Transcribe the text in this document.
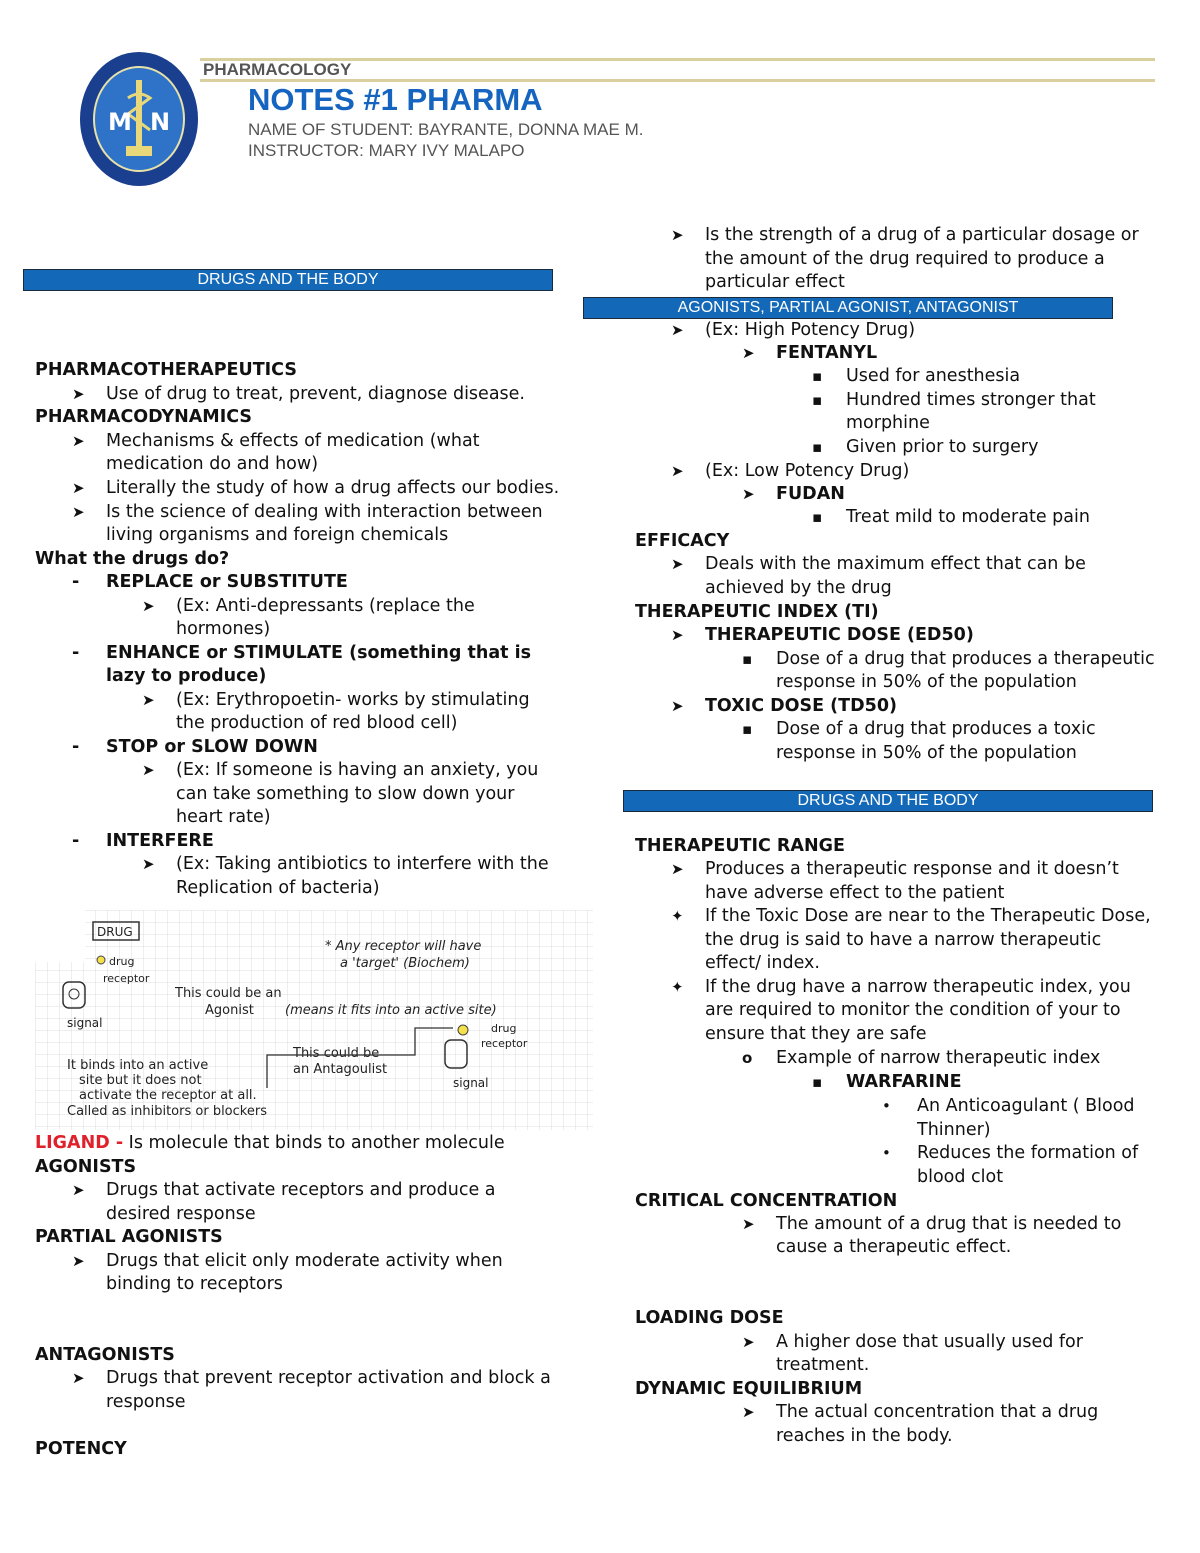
M N
PHARMACOLOGY
NOTES #1 PHARMA
NAME OF STUDENT: BAYRANTE, DONNA MAE M.
INSTRUCTOR: MARY IVY MALAPO
DRUGS AND THE BODY
AGONISTS, PARTIAL AGONIST, ANTAGONIST
DRUGS AND THE BODY
PHARMACOTHERAPEUTICS
➤ Use of drug to treat, prevent, diagnose disease.
PHARMACODYNAMICS
➤ Mechanisms & effects of medication (what
medication do and how)
➤ Literally the study of how a drug affects our bodies.
➤ Is the science of dealing with interaction between
living organisms and foreign chemicals
What the drugs do?
- REPLACE or SUBSTITUTE
➤ (Ex: Anti-depressants (replace the
hormones)
- ENHANCE or STIMULATE (something that is
lazy to produce)
➤ (Ex: Erythropoetin- works by stimulating
the production of red blood cell)
- STOP or SLOW DOWN
➤ (Ex: If someone is having an anxiety, you
can take something to slow down your
heart rate)
- INTERFERE
➤ (Ex: Taking antibiotics to interfere with the
Replication of bacteria)
DRUG
* Any receptor will have
a 'target' (Biochem)
drug
receptor
signal
This could be an
Agonist (means it fits into an active site)
This could be
an Antagoulist
drug
receptor
signal
It binds into an active
site but it does not
activate the receptor at all.
Called as inhibitors or blockers
LIGAND - Is molecule that binds to another molecule
AGONISTS
➤ Drugs that activate receptors and produce a
desired response
PARTIAL AGONISTS
➤ Drugs that elicit only moderate activity when
binding to receptors
ANTAGONISTS
➤ Drugs that prevent receptor activation and block a
response
POTENCY
➤ Is the strength of a drug of a particular dosage or
the amount of the drug required to produce a
particular effect
➤ (Ex: High Potency Drug)
➤ FENTANYL
▪ Used for anesthesia
▪ Hundred times stronger that
morphine
▪ Given prior to surgery
➤ (Ex: Low Potency Drug)
➤ FUDAN
▪ Treat mild to moderate pain
EFFICACY
➤ Deals with the maximum effect that can be
achieved by the drug
THERAPEUTIC INDEX (TI)
➤ THERAPEUTIC DOSE (ED50)
▪ Dose of a drug that produces a therapeutic
response in 50% of the population
➤ TOXIC DOSE (TD50)
▪ Dose of a drug that produces a toxic
response in 50% of the population
THERAPEUTIC RANGE
➤ Produces a therapeutic response and it doesn’t
have adverse effect to the patient
✦ If the Toxic Dose are near to the Therapeutic Dose,
the drug is said to have a narrow therapeutic
effect/ index.
✦ If the drug have a narrow therapeutic index, you
are required to monitor the condition of your to
ensure that they are safe
o Example of narrow therapeutic index
▪ WARFARINE
• An Anticoagulant ( Blood
Thinner)
• Reduces the formation of
blood clot
CRITICAL CONCENTRATION
➤ The amount of a drug that is needed to
cause a therapeutic effect.
LOADING DOSE
➤ A higher dose that usually used for
treatment.
DYNAMIC EQUILIBRIUM
➤ The actual concentration that a drug
reaches in the body.
